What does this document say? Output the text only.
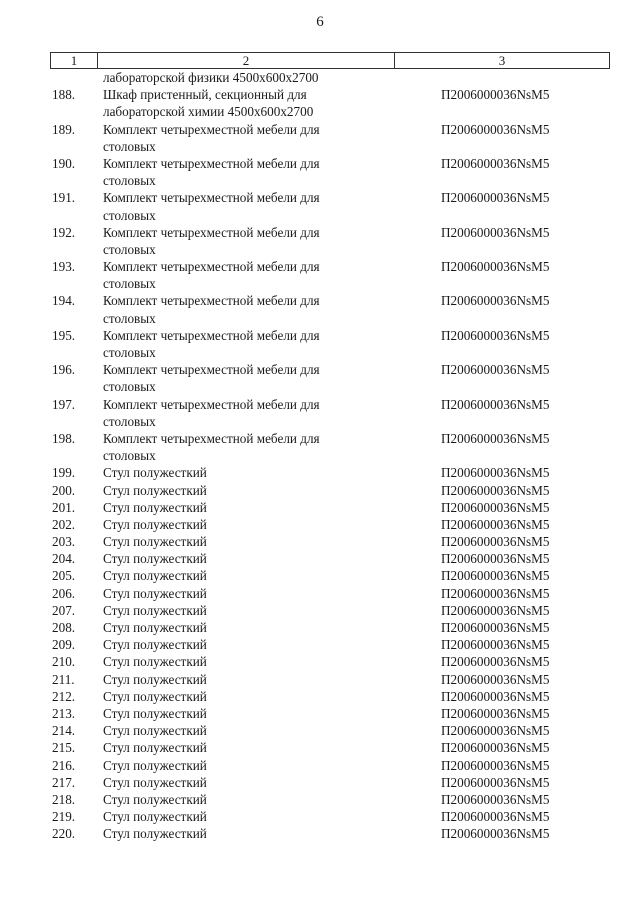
6
1	2	3
лабораторской физики 4500х600х2700
188.	Шкаф пристенный, секционный для
лабораторской химии 4500х600х2700
П2006000036NsM5
189.	Комплект четырехместной мебели для
столовых
П2006000036NsM5
190.	Комплект четырехместной мебели для
столовых
П2006000036NsM5
191.	Комплект четырехместной мебели для
столовых
П2006000036NsM5
192.	Комплект четырехместной мебели для
столовых
П2006000036NsM5
193.	Комплект четырехместной мебели для
столовых
П2006000036NsM5
194.	Комплект четырехместной мебели для
столовых
П2006000036NsM5
195.	Комплект четырехместной мебели для
столовых
П2006000036NsM5
196.	Комплект четырехместной мебели для
столовых
П2006000036NsM5
197.	Комплект четырехместной мебели для
столовых
П2006000036NsM5
198.	Комплект четырехместной мебели для
столовых
П2006000036NsM5
199.	Стул полужесткий	П2006000036NsM5
200.	Стул полужесткий	П2006000036NsM5
201.	Стул полужесткий	П2006000036NsM5
202.	Стул полужесткий	П2006000036NsM5
203.	Стул полужесткий	П2006000036NsM5
204.	Стул полужесткий	П2006000036NsM5
205.	Стул полужесткий	П2006000036NsM5
206.	Стул полужесткий	П2006000036NsM5
207.	Стул полужесткий	П2006000036NsM5
208.	Стул полужесткий	П2006000036NsM5
209.	Стул полужесткий	П2006000036NsM5
210.	Стул полужесткий	П2006000036NsM5
211.	Стул полужесткий	П2006000036NsM5
212.	Стул полужесткий	П2006000036NsM5
213.	Стул полужесткий	П2006000036NsM5
214.	Стул полужесткий	П2006000036NsM5
215.	Стул полужесткий	П2006000036NsM5
216.	Стул полужесткий	П2006000036NsM5
217.	Стул полужесткий	П2006000036NsM5
218.	Стул полужесткий	П2006000036NsM5
219.	Стул полужесткий	П2006000036NsM5
220.	Стул полужесткий	П2006000036NsM5
